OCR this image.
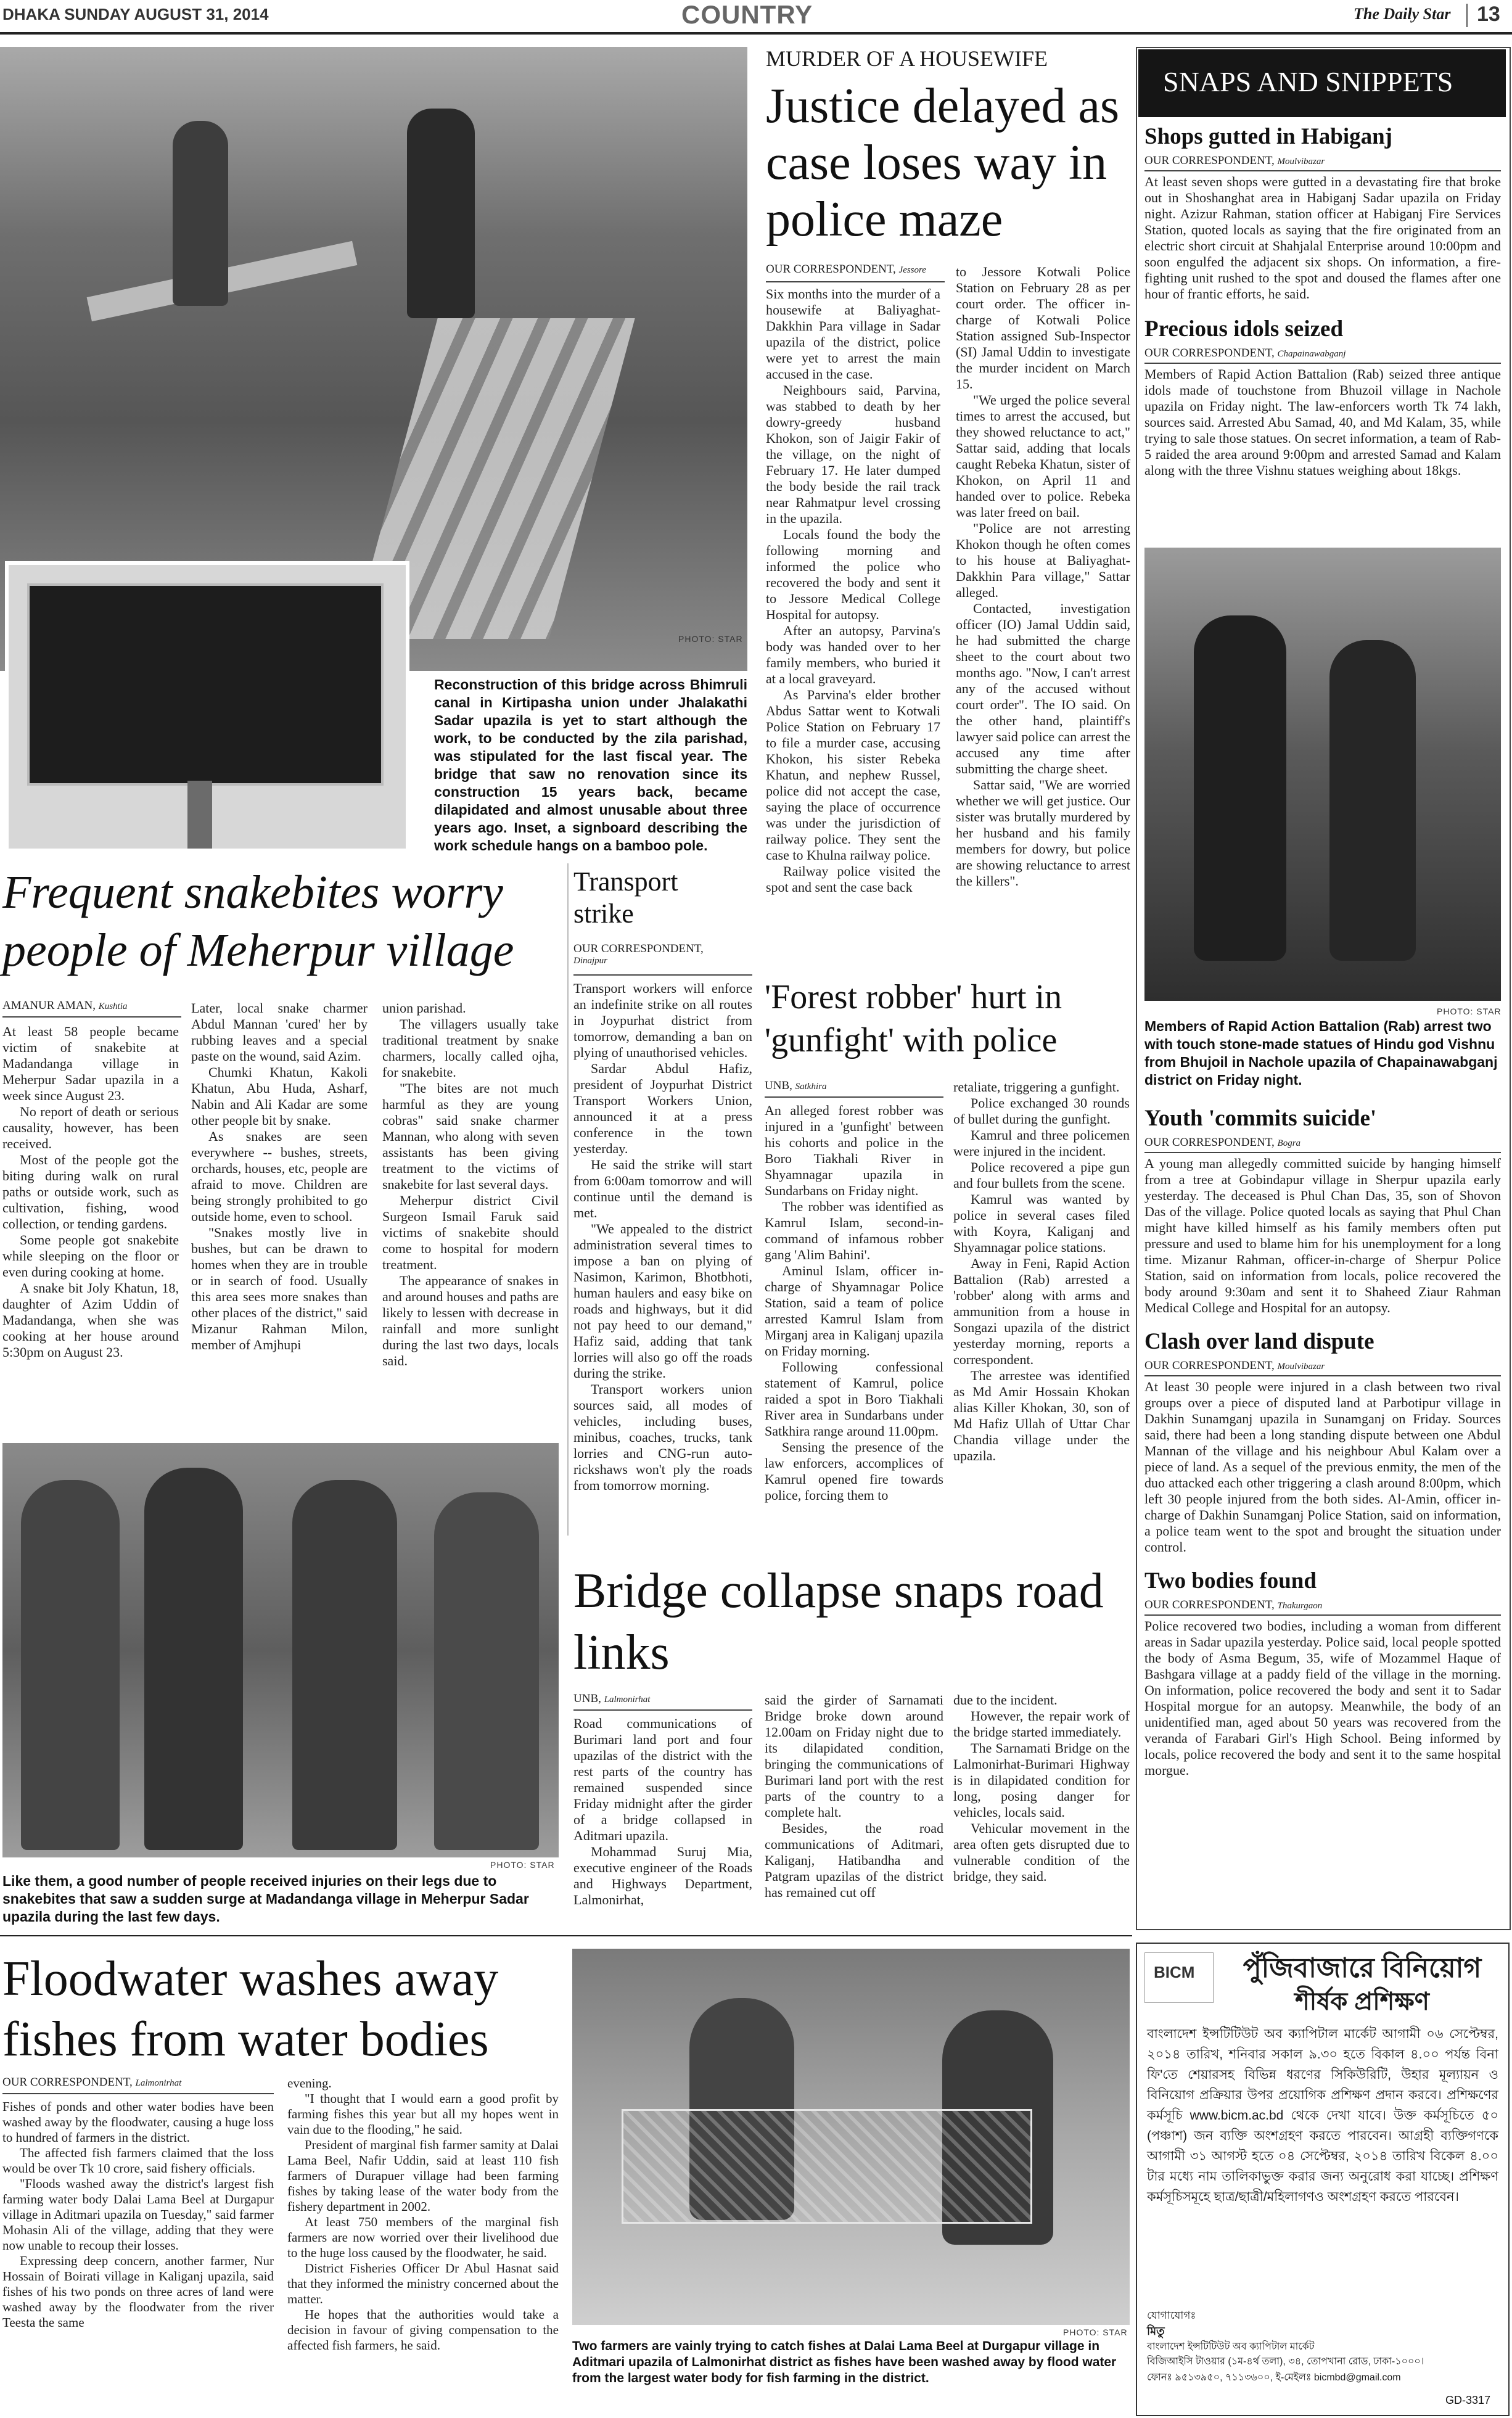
DHAKA SUNDAY AUGUST 31, 2014	COUNTRY	The Daily Star 13
PHOTO: STAR
Reconstruction of this bridge across Bhimruli canal in Kirtipasha union under Jhalakathi Sadar upazila is yet to start although the work, to be conducted by the zila parishad, was stipulated for the last fiscal year. The bridge that saw no renovation since its construction 15 years back, became dilapidated and almost unusable about three years ago. Inset, a signboard describing the work schedule hangs on a bamboo pole.
MURDER OF A HOUSEWIFE
Justice delayed as case loses way in police maze
OUR CORRESPONDENT, Jessore

Six months into the murder of a housewife at Baliyaghat-Dakkhin Para village in Sadar upazila of the district, police were yet to arrest the main accused in the case.

Neighbours said, Parvina, was stabbed to death by her dowry-greedy husband Khokon, son of Jaigir Fakir of the village, on the night of February 17. He later dumped the body beside the rail track near Rahmatpur level crossing in the upazila.

Locals found the body the following morning and informed the police who recovered the body and sent it to Jessore Medical College Hospital for autopsy.

After an autopsy, Parvina's body was handed over to her family members, who buried it at a local graveyard.

As Parvina's elder brother Abdus Sattar went to Kotwali Police Station on February 17 to file a murder case, accusing Khokon, his sister Rebeka Khatun, and nephew Russel, police did not accept the case, saying the place of occurrence was under the jurisdiction of railway police. They sent the case to Khulna railway police.

Railway police visited the spot and sent the case back

to Jessore Kotwali Police Station on February 28 as per court order. The officer in-charge of Kotwali Police Station assigned Sub-Inspector (SI) Jamal Uddin to investigate the murder incident on March 15.

"We urged the police several times to arrest the accused, but they showed reluctance to act," Sattar said, adding that locals caught Rebeka Khatun, sister of Khokon, on April 11 and handed over to police. Rebeka was later freed on bail.

"Police are not arresting Khokon though he often comes to his house at Baliyaghat-Dakkhin Para village," Sattar alleged.

Contacted, investigation officer (IO) Jamal Uddin said, he had submitted the charge sheet to the court about two months ago. "Now, I can't arrest any of the accused without court order". The IO said. On the other hand, plaintiff's lawyer said police can arrest the accused any time after submitting the charge sheet.

Sattar said, "We are worried whether we will get justice. Our sister was brutally murdered by her husband and his family members for dowry, but police are showing reluctance to arrest the killers".

SNAPS AND SNIPPETS
Shops gutted in Habiganj
OUR CORRESPONDENT, Moulvibazar
At least seven shops were gutted in a devastating fire that broke out in Shoshanghat area in Habiganj Sadar upazila on Friday night. Azizur Rahman, station officer at Habiganj Fire Services Station, quoted locals as saying that the fire originated from an electric short circuit at Shahjalal Enterprise around 10:00pm and soon engulfed the adjacent six shops. On information, a fire-fighting unit rushed to the spot and doused the flames after one hour of frantic efforts, he said.
Precious idols seized
OUR CORRESPONDENT, Chapainawabganj
Members of Rapid Action Battalion (Rab) seized three antique idols made of touchstone from Bhuzoil village in Nachole upazila on Friday night. The law-enforcers worth Tk 74 lakh, sources said. Arrested Abu Samad, 40, and Md Kalam, 35, while trying to sale those statues. On secret information, a team of Rab-5 raided the area around 9:00pm and arrested Samad and Kalam along with the three Vishnu statues weighing about 18kgs.
PHOTO: STAR
Members of Rapid Action Battalion (Rab) arrest two with touch stone-made statues of Hindu god Vishnu from Bhujoil in Nachole upazila of Chapainawabganj district on Friday night.
Youth 'commits suicide'
OUR CORRESPONDENT, Bogra
A young man allegedly committed suicide by hanging himself from a tree at Gobindapur village in Sherpur upazila early yesterday. The deceased is Phul Chan Das, 35, son of Shovon Das of the village. Police quoted locals as saying that Phul Chan might have killed himself as his family members often put pressure and used to blame him for his unemployment for a long time. Mizanur Rahman, officer-in-charge of Sherpur Police Station, said on information from locals, police recovered the body around 9:30am and sent it to Shaheed Ziaur Rahman Medical College and Hospital for an autopsy.
Clash over land dispute
OUR CORRESPONDENT, Moulvibazar
At least 30 people were injured in a clash between two rival groups over a piece of disputed land at Parbotipur village in Dakhin Sunamganj upazila in Sunamganj on Friday. Sources said, there had been a long standing dispute between one Abdul Mannan of the village and his neighbour Abul Kalam over a piece of land. As a sequel of the previous enmity, the men of the duo attacked each other triggering a clash around 8:00pm, which left 30 people injured from the both sides. Al-Amin, officer in-charge of Dakhin Sunamganj Police Station, said on information, a police team went to the spot and brought the situation under control.
Two bodies found
OUR CORRESPONDENT, Thakurgaon
Police recovered two bodies, including a woman from different areas in Sadar upazila yesterday. Police said, local people spotted the body of Asma Begum, 35, wife of Mozammel Haque of Bashgara village at a paddy field of the village in the morning. On information, police recovered the body and sent it to Sadar Hospital morgue for an autopsy. Meanwhile, the body of an unidentified man, aged about 50 years was recovered from the veranda of Farabari Girl's High School. Being informed by locals, police recovered the body and sent it to the same hospital morgue.
Frequent snakebites worry people of Meherpur village
AMANUR AMAN, Kushtia

At least 58 people became victim of snakebite at Madandanga village in Meherpur Sadar upazila in a week since August 23.

No report of death or serious causality, however, has been received.

Most of the people got the biting during walk on rural paths or outside work, such as cultivation, fishing, wood collection, or tending gardens.

Some people got snakebite while sleeping on the floor or even during cooking at home.

A snake bit Joly Khatun, 18, daughter of Azim Uddin of Madandanga, when she was cooking at her house around 5:30pm on August 23.

Later, local snake charmer Abdul Mannan 'cured' her by rubbing leaves and a special paste on the wound, said Azim.

Chumki Khatun, Kakoli Khatun, Abu Huda, Asharf, Nabin and Ali Kadar are some other people bit by snake.

As snakes are seen everywhere -- bushes, streets, orchards, houses, etc, people are afraid to move. Children are being strongly prohibited to go outside home, even to school.

"Snakes mostly live in bushes, but can be drawn to homes when they are in trouble or in search of food. Usually this area sees more snakes than other places of the district," said Mizanur Rahman Milon, member of Amjhupi

union parishad.

The villagers usually take traditional treatment by snake charmers, locally called ojha, for snakebite.

"The bites are not much harmful as they are young cobras" said snake charmer Mannan, who along with seven assistants has been giving treatment to the victims of snakebite for last several days.

Meherpur district Civil Surgeon Ismail Faruk said victims of snakebite should come to hospital for modern treatment.

The appearance of snakes in and around houses and paths are likely to lessen with decrease in rainfall and more sunlight during the last two days, locals said.

PHOTO: STAR
Like them, a good number of people received injuries on their legs due to snakebites that saw a sudden surge at Madandanga village in Meherpur Sadar upazila during the last few days.
Transport strike
OUR CORRESPONDENT,
Dinajpur

Transport workers will enforce an indefinite strike on all routes in Joypurhat district from tomorrow, demanding a ban on plying of unauthorised vehicles.

Sardar Abdul Hafiz, president of Joypurhat District Transport Workers Union, announced it at a press conference in the town yesterday.

He said the strike will start from 6:00am tomorrow and will continue until the demand is met.

"We appealed to the district administration several times to impose a ban on plying of Nasimon, Karimon, Bhotbhoti, human haulers and easy bike on roads and highways, but it did not pay heed to our demand," Hafiz said, adding that tank lorries will also go off the roads during the strike.

Transport workers union sources said, all modes of vehicles, including buses, minibus, coaches, trucks, tank lorries and CNG-run auto-rickshaws won't ply the roads from tomorrow morning.

'Forest robber' hurt in 'gunfight' with police
UNB, Satkhira

An alleged forest robber was injured in a 'gunfight' between his cohorts and police in the Boro Tiakhali River in Shyamnagar upazila in Sundarbans on Friday night.

The robber was identified as Kamrul Islam, second-in-command of infamous robber gang 'Alim Bahini'.

Aminul Islam, officer in-charge of Shyamnagar Police Station, said a team of police arrested Kamrul Islam from Mirganj area in Kaliganj upazila on Friday morning.

Following confessional statement of Kamrul, police raided a spot in Boro Tiakhali River area in Sundarbans under Satkhira range around 11.00pm.

Sensing the presence of the law enforcers, accomplices of Kamrul opened fire towards police, forcing them to

retaliate, triggering a gunfight.

Police exchanged 30 rounds of bullet during the gunfight.

Kamrul and three policemen were injured in the incident.

Police recovered a pipe gun and four bullets from the scene.

Kamrul was wanted by police in several cases filed with Koyra, Kaliganj and Shyamnagar police stations.

Away in Feni, Rapid Action Battalion (Rab) arrested a 'robber' along with arms and ammunition from a house in Songazi upazila of the district yesterday morning, reports a correspondent.

The arrestee was identified as Md Amir Hossain Khokan alias Killer Khokan, 30, son of Md Hafiz Ullah of Uttar Char Chandia village under the upazila.

Bridge collapse snaps road links
UNB, Lalmonirhat

Road communications of Burimari land port and four upazilas of the district with the rest parts of the country has remained suspended since Friday midnight after the girder of a bridge collapsed in Aditmari upazila.

Mohammad Suruj Mia, executive engineer of the Roads and Highways Department, Lalmonirhat,

said the girder of Sarnamati Bridge broke down around 12.00am on Friday night due to its dilapidated condition, bringing the communications of Burimari land port with the rest parts of the country to a complete halt.

Besides, the road communications of Aditmari, Kaliganj, Hatibandha and Patgram upazilas of the district has remained cut off

due to the incident.

However, the repair work of the bridge started immediately.

The Sarnamati Bridge on the Lalmonirhat-Burimari Highway is in dilapidated condition for long, posing danger for vehicles, locals said.

Vehicular movement in the area often gets disrupted due to vulnerable condition of the bridge, they said.

Floodwater washes away fishes from water bodies
OUR CORRESPONDENT, Lalmonirhat

Fishes of ponds and other water bodies have been washed away by the floodwater, causing a huge loss to hundred of farmers in the district.

The affected fish farmers claimed that the loss would be over Tk 10 crore, said fishery officials.

"Floods washed away the district's largest fish farming water body Dalai Lama Beel at Durgapur village in Aditmari upazila on Tuesday," said farmer Mohasin Ali of the village, adding that they were now unable to recoup their losses.

Expressing deep concern, another farmer, Nur Hossain of Boirati village in Kaliganj upazila, said fishes of his two ponds on three acres of land were washed away by the floodwater from the river Teesta the same

evening.

"I thought that I would earn a good profit by farming fishes this year but all my hopes went in vain due to the flooding," he said.

President of marginal fish farmer samity at Dalai Lama Beel, Nafir Uddin, said at least 110 fish farmers of Durapuer village had been farming fishes by taking lease of the water body from the fishery department in 2002.

At least 750 members of the marginal fish farmers are now worried over their livelihood due to the huge loss caused by the floodwater, he said.

District Fisheries Officer Dr Abul Hasnat said that they informed the ministry concerned about the matter.

He hopes that the authorities would take a decision in favour of giving compensation to the affected fish farmers, he said.

PHOTO: STAR
Two farmers are vainly trying to catch fishes at Dalai Lama Beel at Durgapur village in Aditmari upazila of Lalmonirhat district as fishes have been washed away by flood water from the largest water body for fish farming in the district.
BICM	পুঁজিবাজারে বিনিয়োগ
শীর্ষক প্রশিক্ষণ
বাংলাদেশ ইন্সটিটিউট অব ক্যাপিটাল মার্কেট আগামী ০৬ সেপ্টেম্বর, ২০১৪ তারিখ, শনিবার সকাল ৯.৩০ হতে বিকাল ৪.০০ পর্যন্ত বিনা ফি'তে শেয়ারসহ বিভিন্ন ধরণের সিকিউরিটি, উহার মূল্যায়ন ও বিনিয়োগ প্রক্রিয়ার উপর প্রয়োগিক প্রশিক্ষণ প্রদান করবে। প্রশিক্ষণের কর্মসূচি www.bicm.ac.bd থেকে দেখা যাবে। উক্ত কর্মসূচিতে ৫০ (পঞ্চাশ) জন ব্যক্তি অংশগ্রহণ করতে পারবেন। আগ্রহী ব্যক্তিগণকে আগামী ৩১ আগস্ট হতে ০৪ সেপ্টেম্বর, ২০১৪ তারিখ বিকেল ৪.০০ টার মধ্যে নাম তালিকাভুক্ত করার জন্য অনুরোধ করা যাচ্ছে। প্রশিক্ষণ কর্মসূচিসমূহে ছাত্র/ছাত্রী/মহিলাগণও অংশগ্রহণ করতে পারবেন।
যোগাযোগঃ
মিতু
বাংলাদেশ ইন্সটিটিউট অব ক্যাপিটাল মার্কেট
বিজিআইসি টাওয়ার (১ম-৪র্থ তলা), ৩৪, তোপখানা রোড, ঢাকা-১০০০।
ফোনঃ ৯৫১৩৯৫০, ৭১১৩৬০০, ই-মেইলঃ bicmbd@gmail.com
GD-3317
